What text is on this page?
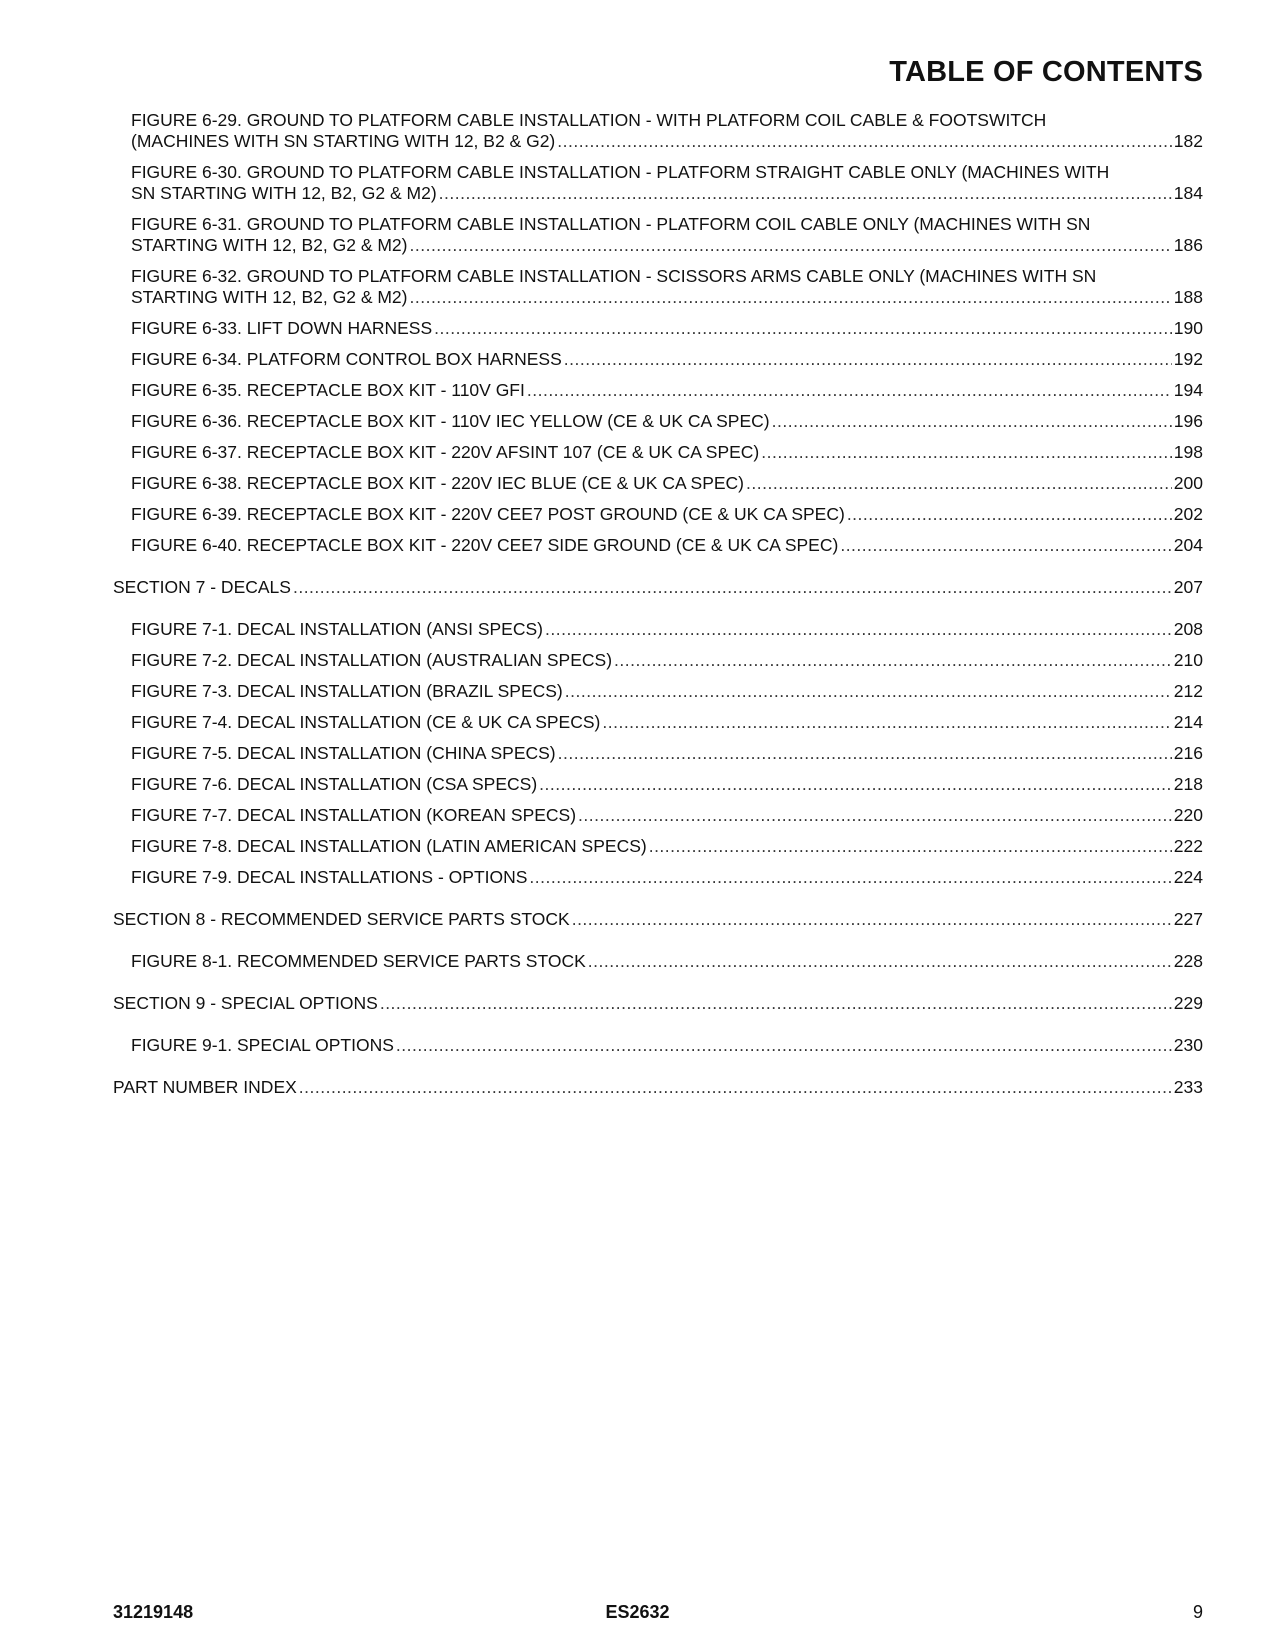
TABLE OF CONTENTS
FIGURE 6-29. GROUND TO PLATFORM CABLE INSTALLATION - WITH PLATFORM COIL CABLE & FOOTSWITCH
(MACHINES WITH SN STARTING WITH 12, B2 & G2) .....	182
FIGURE 6-30. GROUND TO PLATFORM CABLE INSTALLATION - PLATFORM STRAIGHT CABLE ONLY (MACHINES WITH
SN STARTING WITH 12, B2, G2 & M2) .....	184
FIGURE 6-31. GROUND TO PLATFORM CABLE INSTALLATION - PLATFORM COIL CABLE ONLY (MACHINES WITH SN
STARTING WITH 12, B2, G2 & M2) .....	186
FIGURE 6-32. GROUND TO PLATFORM CABLE INSTALLATION - SCISSORS ARMS CABLE ONLY (MACHINES WITH SN
STARTING WITH 12, B2, G2 & M2) .....	188
FIGURE 6-33. LIFT DOWN HARNESS .....	190
FIGURE 6-34. PLATFORM CONTROL BOX HARNESS .....	192
FIGURE 6-35. RECEPTACLE BOX KIT - 110V GFI .....	194
FIGURE 6-36. RECEPTACLE BOX KIT - 110V IEC YELLOW (CE & UK CA SPEC) .....	196
FIGURE 6-37. RECEPTACLE BOX KIT - 220V AFSINT 107 (CE & UK CA SPEC) .....	198
FIGURE 6-38. RECEPTACLE BOX KIT - 220V IEC BLUE (CE & UK CA SPEC) .....	200
FIGURE 6-39. RECEPTACLE BOX KIT - 220V CEE7 POST GROUND (CE & UK CA SPEC) .....	202
FIGURE 6-40. RECEPTACLE BOX KIT - 220V CEE7 SIDE GROUND (CE & UK CA SPEC) .....	204
SECTION 7 - DECALS .....	207
FIGURE 7-1. DECAL INSTALLATION (ANSI SPECS) .....	208
FIGURE 7-2. DECAL INSTALLATION (AUSTRALIAN SPECS) .....	210
FIGURE 7-3. DECAL INSTALLATION (BRAZIL SPECS) .....	212
FIGURE 7-4. DECAL INSTALLATION (CE & UK CA SPECS) .....	214
FIGURE 7-5. DECAL INSTALLATION (CHINA SPECS) .....	216
FIGURE 7-6. DECAL INSTALLATION (CSA SPECS) .....	218
FIGURE 7-7. DECAL INSTALLATION (KOREAN SPECS) .....	220
FIGURE 7-8. DECAL INSTALLATION (LATIN AMERICAN SPECS) .....	222
FIGURE 7-9. DECAL INSTALLATIONS - OPTIONS .....	224
SECTION 8 - RECOMMENDED SERVICE PARTS STOCK .....	227
FIGURE 8-1. RECOMMENDED SERVICE PARTS STOCK .....	228
SECTION 9 - SPECIAL OPTIONS .....	229
FIGURE 9-1. SPECIAL OPTIONS .....	230
PART NUMBER INDEX .....	233
31219148	ES2632	9
